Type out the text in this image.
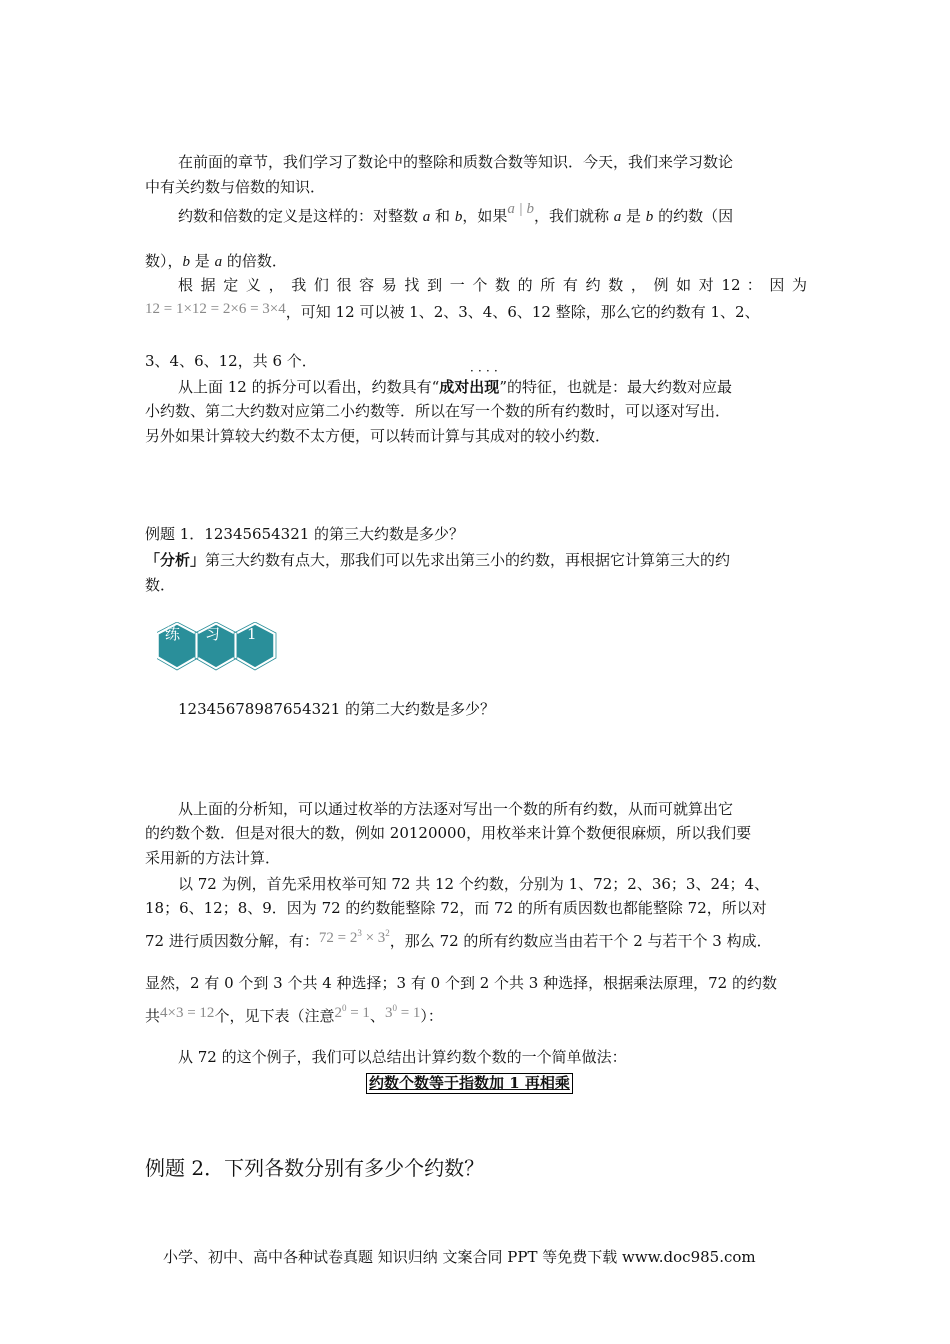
在前面的章节，我们学习了数论中的整除和质数合数等知识．今天，我们来学习数论
中有关约数与倍数的知识．
约数和倍数的定义是这样的：对整数 a 和 b，如果a | b，我们就称 a 是 b 的约数（因
数），b 是 a 的倍数．
根 据 定 义 ， 我 们 很 容 易 找 到 一 个 数 的 所 有 约 数 ， 例 如 对 12 ： 因 为
12 = 1×12 = 2×6 = 3×4，可知 12 可以被 1、2、3、4、6、12 整除，那么它的约数有 1、2、
3、4、6、12，共 6 个．	．．．．
从上面 12 的拆分可以看出，约数具有“成对出现”的特征，也就是：最大约数对应最
小约数、第二大约数对应第二小约数等．所以在写一个数的所有约数时，可以逐对写出．
另外如果计算较大约数不太方便，可以转而计算与其成对的较小约数．
例题 1．12345654321 的第三大约数是多少？
「分析」第三大约数有点大，那我们可以先求出第三小的约数，再根据它计算第三大的约
数．
练 习 1
12345678987654321 的第二大约数是多少？
从上面的分析知，可以通过枚举的方法逐对写出一个数的所有约数，从而可就算出它
的约数个数．但是对很大的数，例如 20120000，用枚举来计算个数便很麻烦，所以我们要
采用新的方法计算．
以 72 为例，首先采用枚举可知 72 共 12 个约数，分别为 1、72；2、36；3、24；4、
18；6、12；8、9．因为 72 的约数能整除 72，而 72 的所有质因数也都能整除 72，所以对
72 进行质因数分解，有：$72 = 2^3 \times 3^2$，那么 72 的所有约数应当由若干个 2 与若干个 3 构成．
显然，2 有 0 个到 3 个共 4 种选择；3 有 0 个到 2 个共 3 种选择，根据乘法原理，72 的约数
共4×3 = 12个，见下表（注意$2^0 = 1$、$3^0 = 1$）：
从 72 的这个例子，我们可以总结出计算约数个数的一个简单做法：
约数个数等于指数加 1 再相乘
例题 2．下列各数分别有多少个约数？
小学、初中、高中各种试卷真题 知识归纳 文案合同 PPT 等免费下载 www.doc985.com
